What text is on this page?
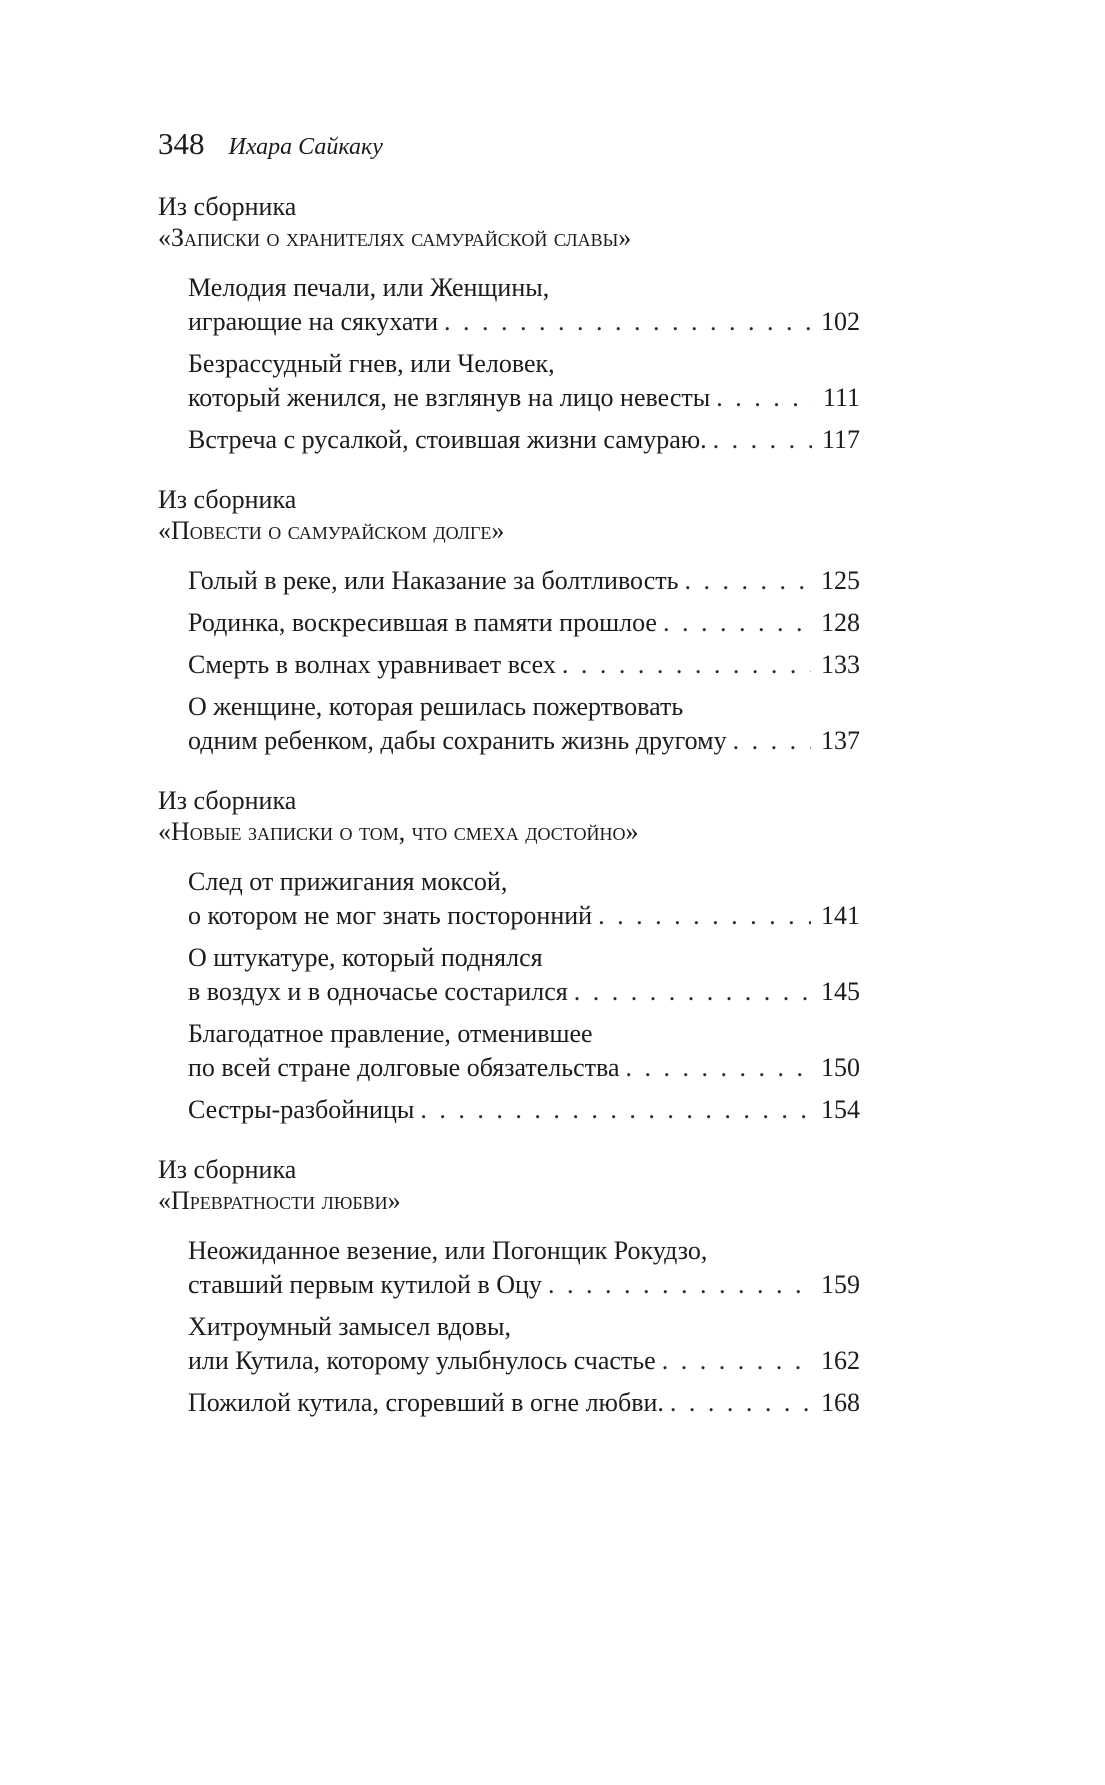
348 Ихара Сайкаку
Из сборника
«Записки о хранителях самурайской славы»
Мелодия печали, или Женщины,
играющие на сякухати . . .	102
Безрассудный гнев, или Человек,
который женился, не взглянув на лицо невесты . . .	111
Встреча с русалкой, стоившая жизни самураю. . . .	117
Из сборника
«Повести о самурайском долге»
Голый в реке, или Наказание за болтливость . . .	125
Родинка, воскресившая в памяти прошлое . . .	128
Смерть в волнах уравнивает всех . . .	133
О женщине, которая решилась пожертвовать
одним ребенком, дабы сохранить жизнь другому . . .	137
Из сборника
«Новые записки о том, что смеха достойно»
След от прижигания моксой,
о котором не мог знать посторонний . . .	141
О штукатуре, который поднялся
в воздух и в одночасье состарился . . .	145
Благодатное правление, отменившее
по всей стране долговые обязательства . . .	150
Сестры-разбойницы . . .	154
Из сборника
«Превратности любви»
Неожиданное везение, или Погонщик Рокудзо,
ставший первым кутилой в Оцу . . .	159
Хитроумный замысел вдовы,
или Кутила, которому улыбнулось счастье . . .	162
Пожилой кутила, сгоревший в огне любви. . . .	168
